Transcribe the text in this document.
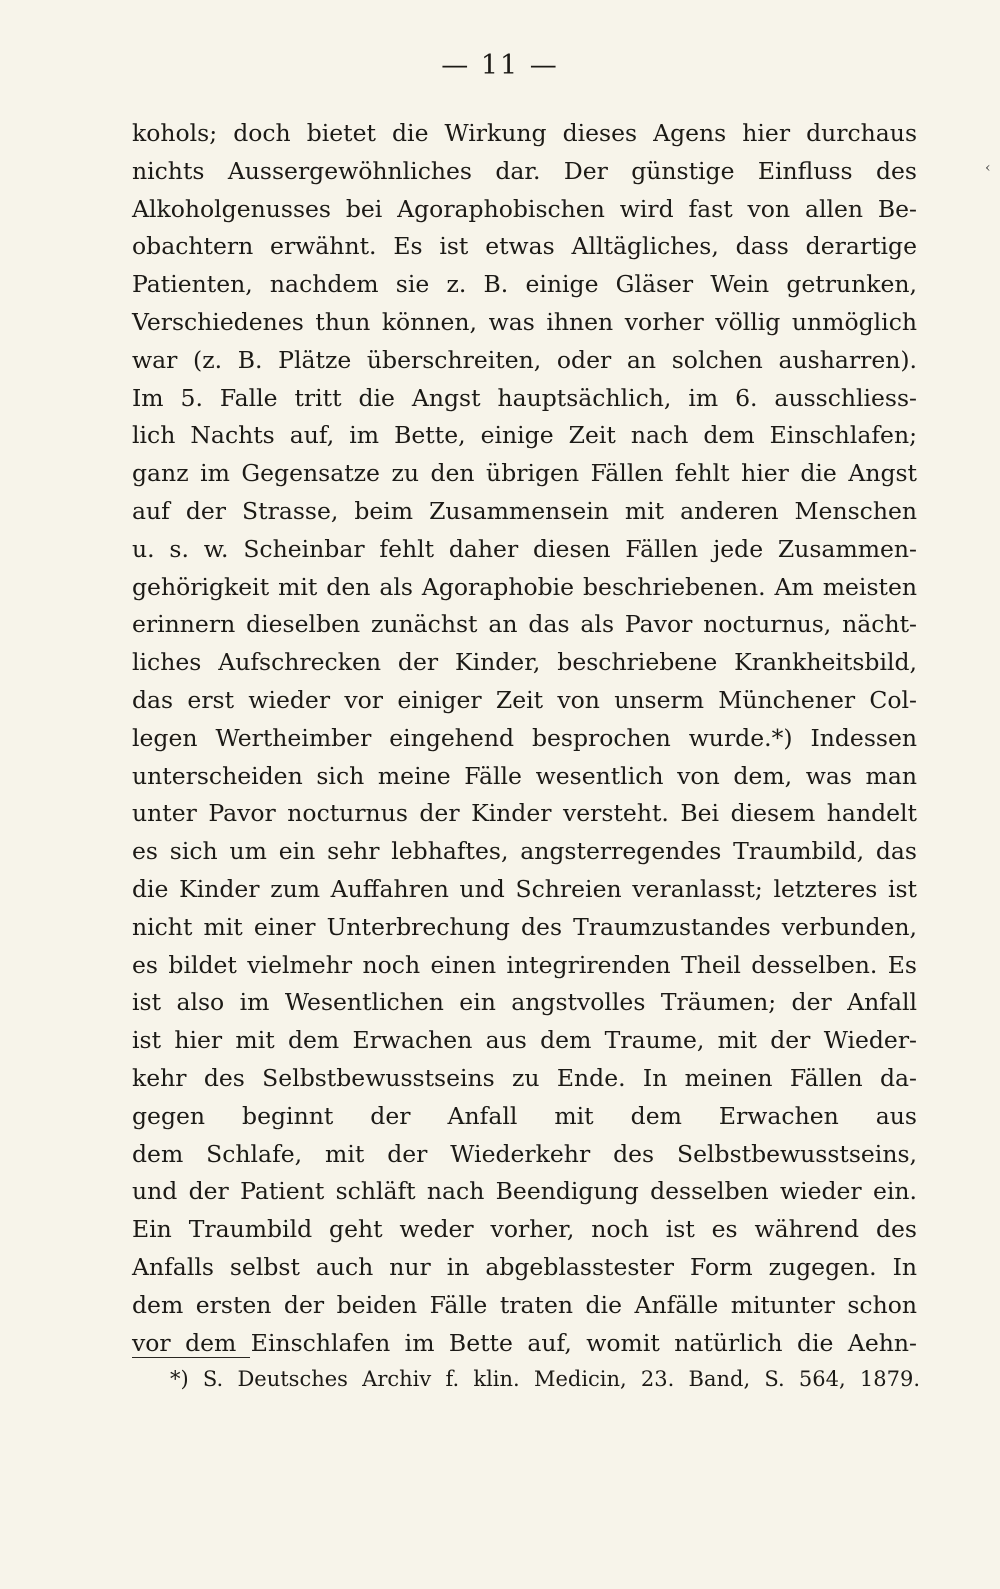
— 11 —
‹
kohols; doch bietet die Wirkung dieses Agens hier durchaus
nichts Aussergewöhnliches dar. Der günstige Einfluss des
Alkoholgenusses bei Agoraphobischen wird fast von allen Be-
obachtern erwähnt. Es ist etwas Alltägliches, dass derartige
Patienten, nachdem sie z. B. einige Gläser Wein getrunken,
Verschiedenes thun können, was ihnen vorher völlig unmöglich
war (z. B. Plätze überschreiten, oder an solchen ausharren).
Im 5. Falle tritt die Angst hauptsächlich, im 6. ausschliess-
lich Nachts auf, im Bette, einige Zeit nach dem Einschlafen;
ganz im Gegensatze zu den übrigen Fällen fehlt hier die Angst
auf der Strasse, beim Zusammensein mit anderen Menschen
u. s. w. Scheinbar fehlt daher diesen Fällen jede Zusammen-
gehörigkeit mit den als Agoraphobie beschriebenen. Am meisten
erinnern dieselben zunächst an das als Pavor nocturnus, nächt-
liches Aufschrecken der Kinder, beschriebene Krankheitsbild,
das erst wieder vor einiger Zeit von unserm Münchener Col-
legen Wertheimber eingehend besprochen wurde.*) Indessen
unterscheiden sich meine Fälle wesentlich von dem, was man
unter Pavor nocturnus der Kinder versteht. Bei diesem handelt
es sich um ein sehr lebhaftes, angsterregendes Traumbild, das
die Kinder zum Auffahren und Schreien veranlasst; letzteres ist
nicht mit einer Unterbrechung des Traumzustandes verbunden,
es bildet vielmehr noch einen integrirenden Theil desselben. Es
ist also im Wesentlichen ein angstvolles Träumen; der Anfall
ist hier mit dem Erwachen aus dem Traume, mit der Wieder-
kehr des Selbstbewusstseins zu Ende. In meinen Fällen da-
gegen beginnt der Anfall mit dem Erwachen aus
dem Schlafe, mit der Wiederkehr des Selbstbewusstseins,
und der Patient schläft nach Beendigung desselben wieder ein.
Ein Traumbild geht weder vorher, noch ist es während des
Anfalls selbst auch nur in abgeblasstester Form zugegen. In
dem ersten der beiden Fälle traten die Anfälle mitunter schon
vor dem Einschlafen im Bette auf, womit natürlich die Aehn-
*) S. Deutsches Archiv f. klin. Medicin, 23. Band, S. 564, 1879.
